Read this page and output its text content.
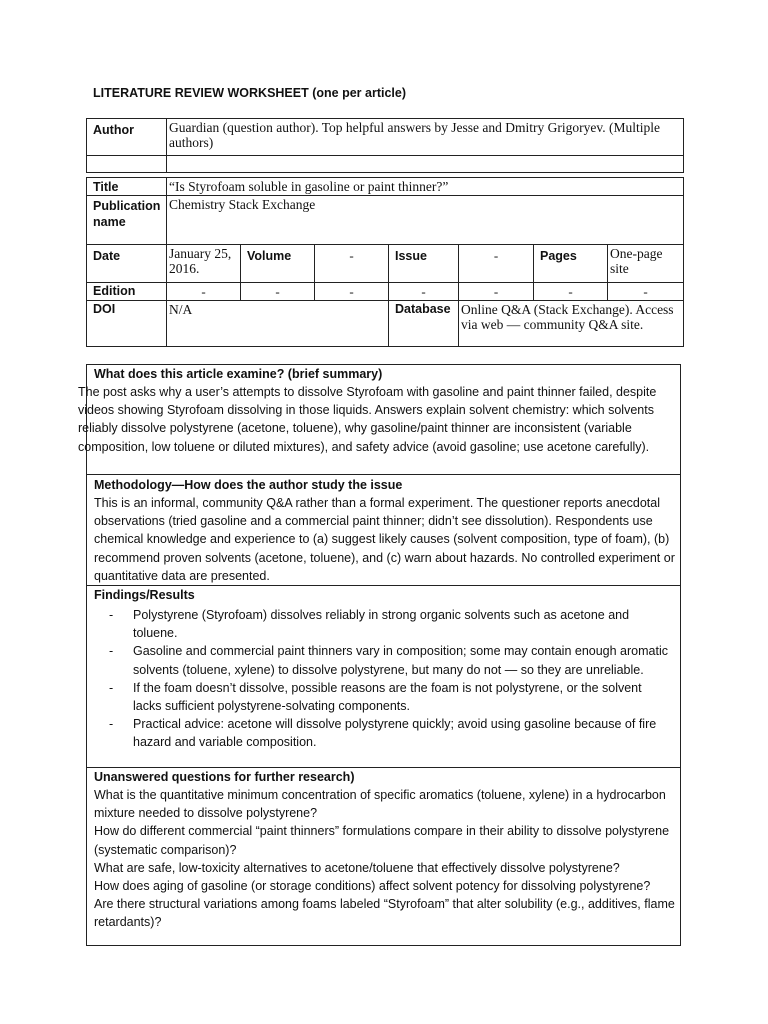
LITERATURE REVIEW WORKSHEET (one per article)
Author	Guardian (question author). Top helpful answers by Jesse and Dmitry Grigoryev. (Multiple authors)						

Title	“Is Styrofoam soluble in gasoline or paint thinner?”						
Publication name	Chemistry Stack Exchange						
Date	January 25, 2016.	Volume	-	Issue	-	Pages	One-page site
Edition	-	-	-	-	-	-	-
DOI	N/A			Database	Online Q&A (Stack Exchange). Access via web — community Q&A site.		
What does this article examine? (brief summary)

The post asks why a user’s attempts to dissolve Styrofoam with gasoline and paint thinner failed, despite videos showing Styrofoam dissolving in those liquids. Answers explain solvent chemistry: which solvents reliably dissolve polystyrene (acetone, toluene), why gasoline/paint thinner are inconsistent (variable composition, low toluene or diluted mixtures), and safety advice (avoid gasoline; use acetone carefully).

Methodology—How does the author study the issue

This is an informal, community Q&A rather than a formal experiment. The questioner reports anecdotal observations (tried gasoline and a commercial paint thinner; didn’t see dissolution). Respondents use chemical knowledge and experience to (a) suggest likely causes (solvent composition, type of foam), (b) recommend proven solvents (acetone, toluene), and (c) warn about hazards. No controlled experiment or quantitative data are presented.

Findings/Results
- Polystyrene (Styrofoam) dissolves reliably in strong organic solvents such as acetone and toluene.
- Gasoline and commercial paint thinners vary in composition; some may contain enough aromatic solvents (toluene, xylene) to dissolve polystyrene, but many do not — so they are unreliable.
- If the foam doesn’t dissolve, possible reasons are the foam is not polystyrene, or the solvent lacks sufficient polystyrene-solvating components.
- Practical advice: acetone will dissolve polystyrene quickly; avoid using gasoline because of fire hazard and variable composition.
Unanswered questions for further research)
What is the quantitative minimum concentration of specific aromatics (toluene, xylene) in a hydrocarbon mixture needed to dissolve polystyrene?
How do different commercial “paint thinners” formulations compare in their ability to dissolve polystyrene (systematic comparison)?
What are safe, low-toxicity alternatives to acetone/toluene that effectively dissolve polystyrene?
How does aging of gasoline (or storage conditions) affect solvent potency for dissolving polystyrene?
Are there structural variations among foams labeled “Styrofoam” that alter solubility (e.g., additives, flame retardants)?
